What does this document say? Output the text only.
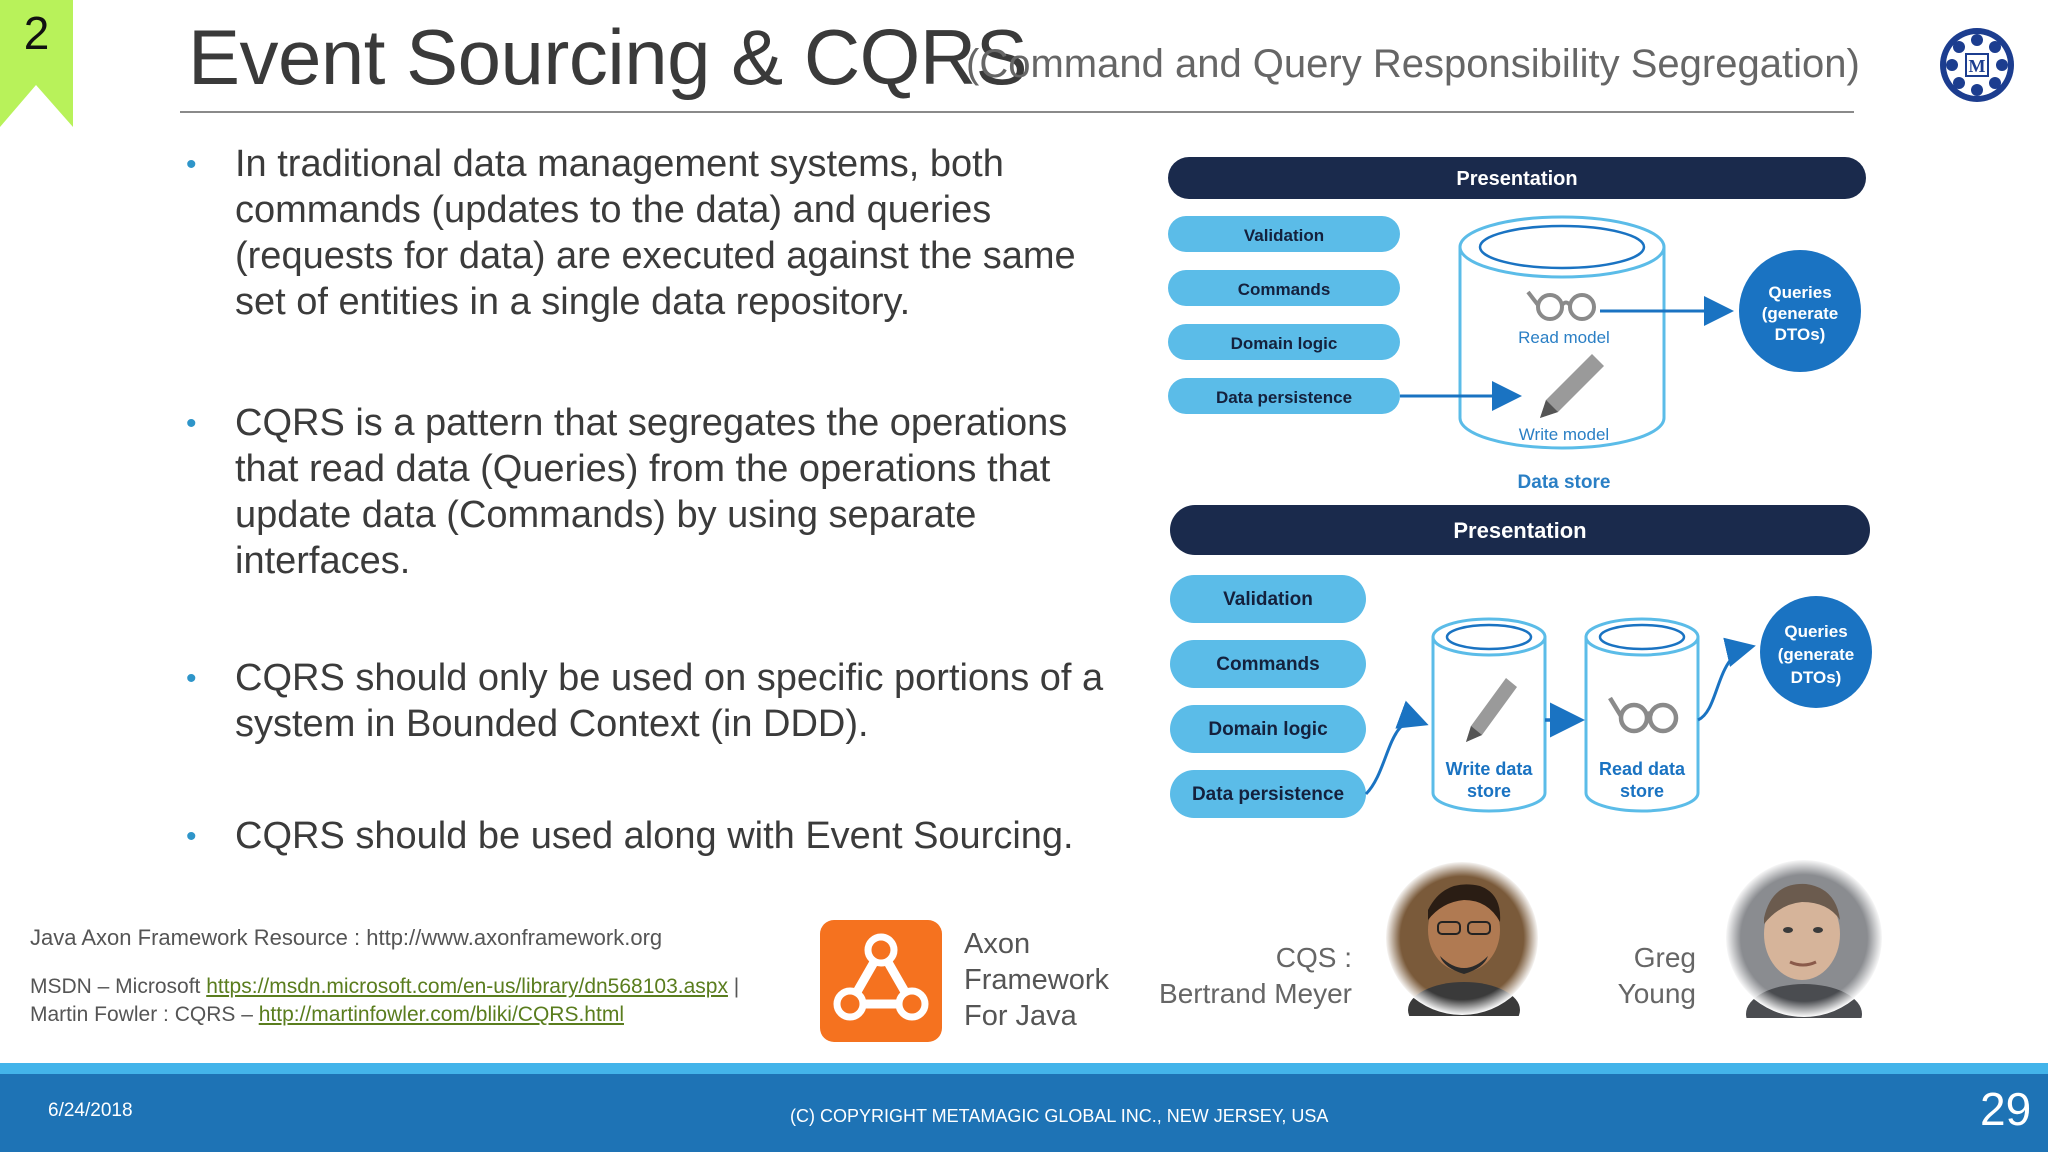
2	Event Sourcing & CQRS
(Command and Query Responsibility Segregation)	M
• In traditional data management systems, both commands (updates to the data) and queries (requests for data) are executed against the same set of entities in a single data repository.
• CQRS is a pattern that segregates the operations that read data (Queries) from the operations that update data (Commands) by using separate interfaces.
• CQRS should only be used on specific portions of a system in Bounded Context (in DDD).
• CQRS should be used along with Event Sourcing.
Presentation
Validation
Commands
Domain logic
Data persistence
Read model
Write model
Data store
Queries
(generate
DTOs)
Presentation
Validation
Commands
Domain logic
Data persistence
Write data
store
Read data
store
Queries
(generate
DTOs)
Java Axon Framework Resource : http://www.axonframework.org
MSDN – Microsoft https://msdn.microsoft.com/en-us/library/dn568103.aspx |
Martin Fowler : CQRS – http://martinfowler.com/bliki/CQRS.html
Axon
Framework
For Java
CQS :
Bertrand Meyer
Greg
Young
6/24/2018	(C) COPYRIGHT METAMAGIC GLOBAL INC., NEW JERSEY, USA	29
